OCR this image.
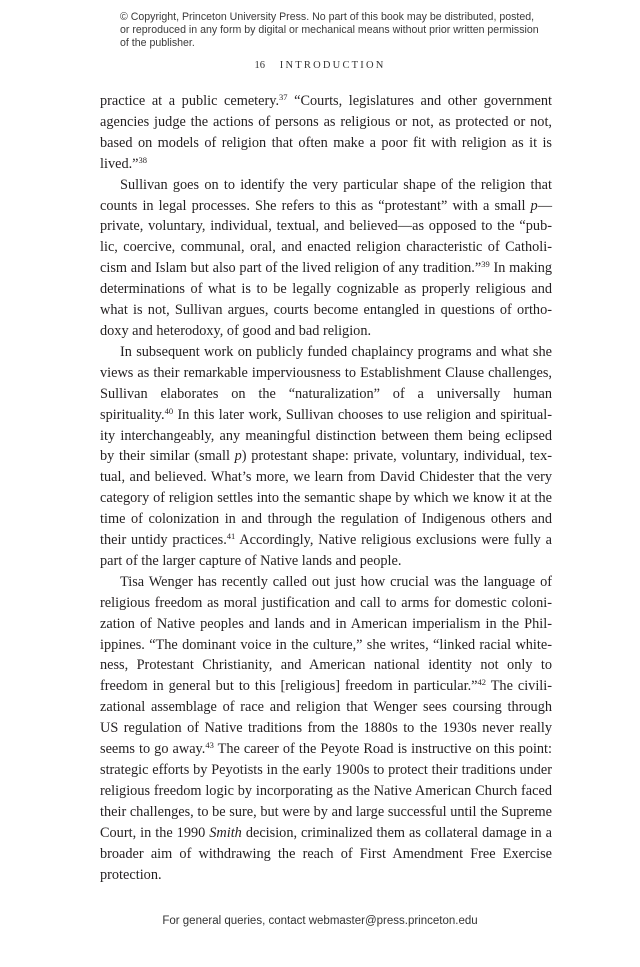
© Copyright, Princeton University Press. No part of this book may be distributed, posted, or reproduced in any form by digital or mechanical means without prior written permission of the publisher.
16 INTRODUCTION

practice at a public cemetery.$^{37}$ “Courts, legislatures and other government agencies judge the actions of persons as religious or not, as protected or not, based on models of religion that often make a poor fit with religion as it is lived.”$^{38}$

Sullivan goes on to identify the very particular shape of the religion that counts in legal processes. She refers to this as “protestant” with a small p— private, voluntary, individual, textual, and believed—as opposed to the “public, coercive, communal, oral, and enacted religion characteristic of Catholicism and Islam but also part of the lived religion of any tradition.”$^{39}$ In making determinations of what is to be legally cognizable as properly religious and what is not, Sullivan argues, courts become entangled in questions of orthodoxy and heterodoxy, of good and bad religion.

In subsequent work on publicly funded chaplaincy programs and what she views as their remarkable imperviousness to Establishment Clause challenges, Sullivan elaborates on the “naturalization” of a universally human spirituality.$^{40}$ In this later work, Sullivan chooses to use religion and spirituality interchangeably, any meaningful distinction between them being eclipsed by their similar (small p) protestant shape: private, voluntary, individual, textual, and believed. What’s more, we learn from David Chidester that the very category of religion settles into the semantic shape by which we know it at the time of colonization in and through the regulation of Indigenous others and their untidy practices.$^{41}$ Accordingly, Native religious exclusions were fully a part of the larger capture of Native lands and people.

Tisa Wenger has recently called out just how crucial was the language of religious freedom as moral justification and call to arms for domestic colonization of Native peoples and lands and in American imperialism in the Philippines. “The dominant voice in the culture,” she writes, “linked racial whiteness, Protestant Christianity, and American national identity not only to freedom in general but to this [religious] freedom in particular.”$^{42}$ The civilizational assemblage of race and religion that Wenger sees coursing through US regulation of Native traditions from the 1880s to the 1930s never really seems to go away.$^{43}$ The career of the Peyote Road is instructive on this point: strategic efforts by Peyotists in the early 1900s to protect their traditions under religious freedom logic by incorporating as the Native American Church faced their challenges, to be sure, but were by and large successful until the Supreme Court, in the 1990 Smith decision, criminalized them as collateral damage in a broader aim of withdrawing the reach of First Amendment Free Exercise protection.

For general queries, contact webmaster@press.princeton.edu
